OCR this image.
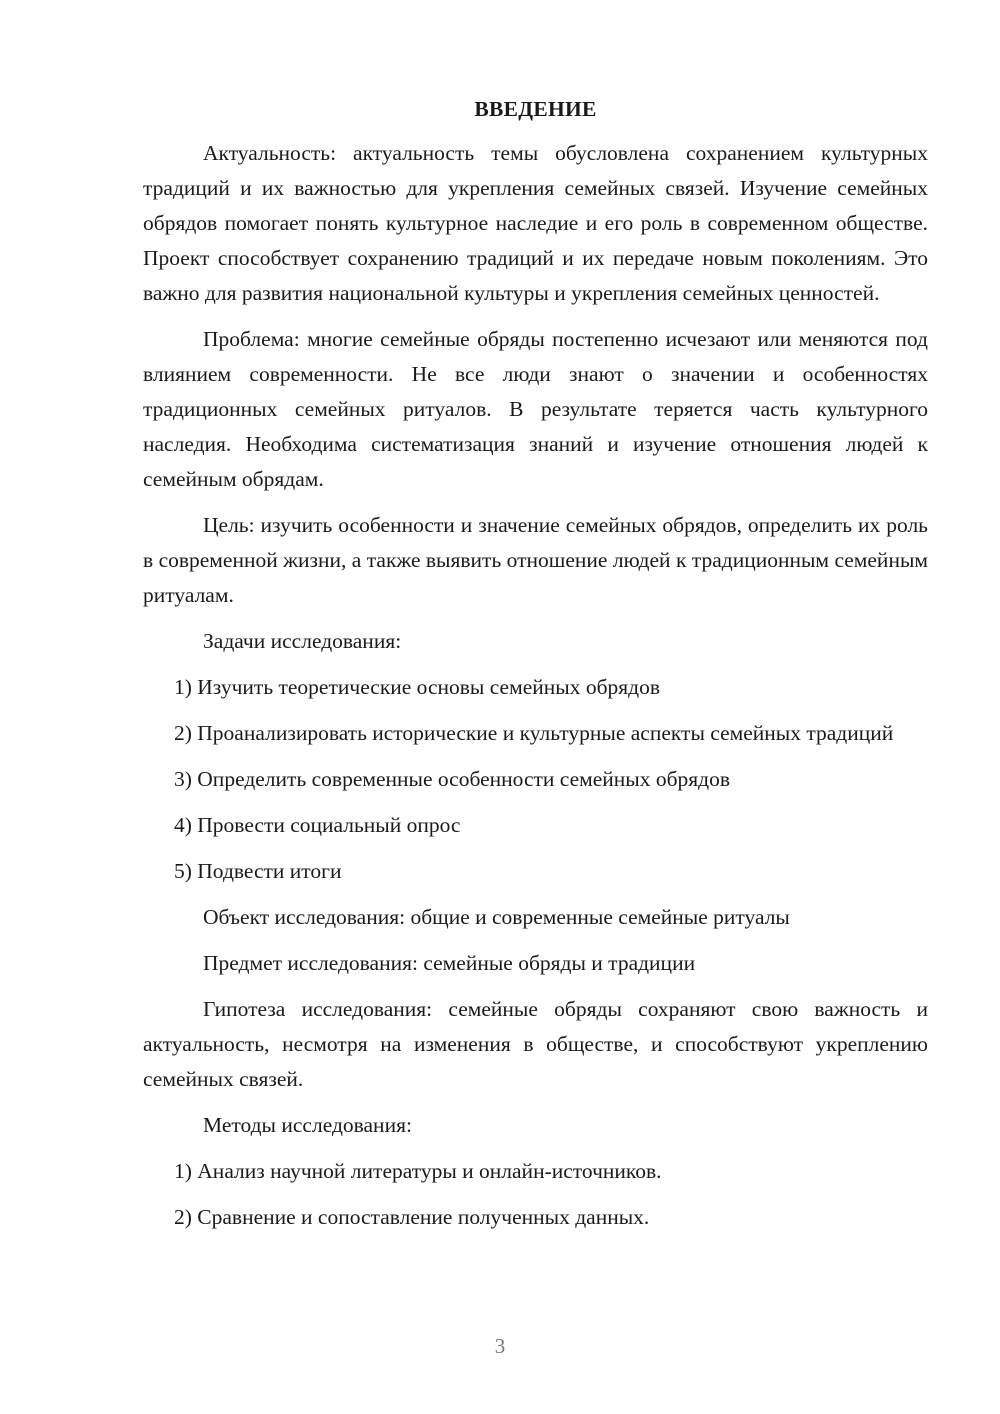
ВВЕДЕНИЕ

Актуальность: актуальность темы обусловлена сохранением культурных традиций и их важностью для укрепления семейных связей. Изучение семейных обрядов помогает понять культурное наследие и его роль в современном обществе. Проект способствует сохранению традиций и их передаче новым поколениям. Это важно для развития национальной культуры и укрепления семейных ценностей.

Проблема: многие семейные обряды постепенно исчезают или меняются под влиянием современности. Не все люди знают о значении и особенностях традиционных семейных ритуалов. В результате теряется часть культурного наследия. Необходима систематизация знаний и изучение отношения людей к семейным обрядам.

Цель: изучить особенности и значение семейных обрядов, определить их роль в современной жизни, а также выявить отношение людей к традиционным семейным ритуалам.

Задачи исследования:

1) Изучить теоретические основы семейных обрядов

2) Проанализировать исторические и культурные аспекты семейных традиций

3) Определить современные особенности семейных обрядов

4) Провести социальный опрос

5) Подвести итоги

Объект исследования: общие и современные семейные ритуалы

Предмет исследования: семейные обряды и традиции

Гипотеза исследования: семейные обряды сохраняют свою важность и актуальность, несмотря на изменения в обществе, и способствуют укреплению семейных связей.

Методы исследования:

1) Анализ научной литературы и онлайн-источников.

2) Сравнение и сопоставление полученных данных.

3
